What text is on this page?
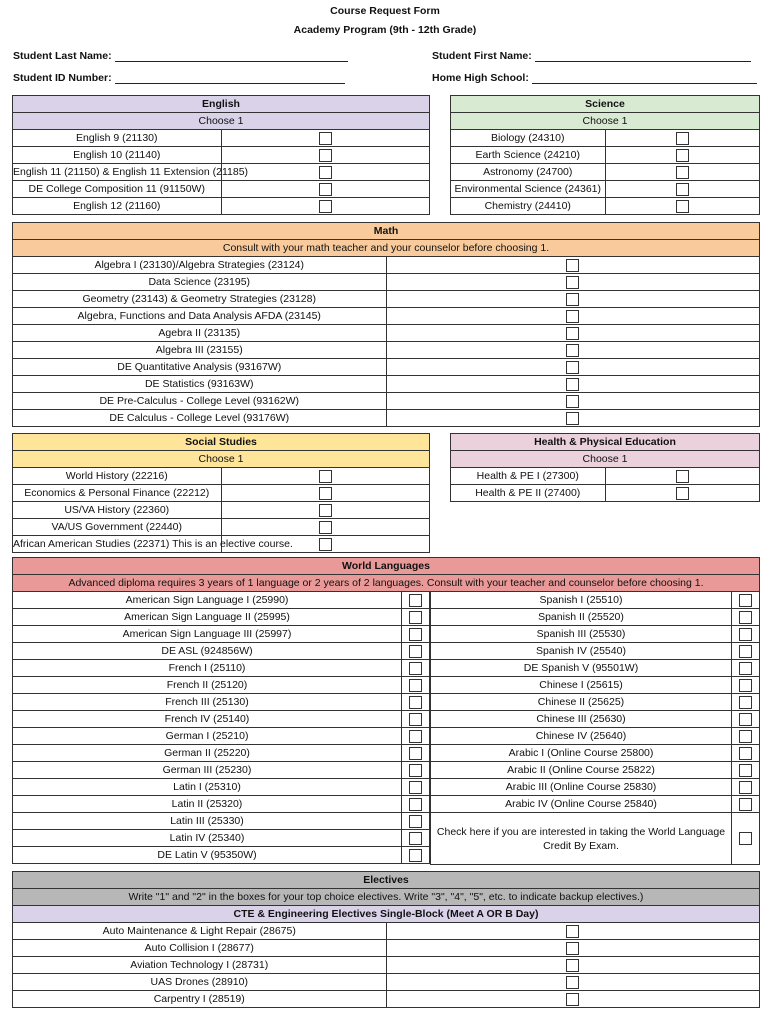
Course Request Form
Academy Program (9th - 12th Grade)
Student Last Name:	Student First Name:
Student ID Number:	Home High School:
English	
Choose 1	
English 9 (21130)	
English 10 (21140)	
English 11 (21150) & English 11 Extension (21185)	
DE College Composition 11 (91150W)	
English 12 (21160)	
Science	
Choose 1	
Biology (24310)	
Earth Science (24210)	
Astronomy (24700)	
Environmental Science (24361)	
Chemistry (24410)	
Math	
Consult with your math teacher and your counselor before choosing 1.	
Algebra I (23130)/Algebra Strategies (23124)	
Data Science (23195)	
Geometry (23143) & Geometry Strategies (23128)	
Algebra, Functions and Data Analysis AFDA (23145)	
Agebra II (23135)	
Algebra III (23155)	
DE Quantitative Analysis (93167W)	
DE Statistics (93163W)	
DE Pre-Calculus - College Level (93162W)	
DE Calculus - College Level (93176W)	
Social Studies	
Choose 1	
World History (22216)	
Economics & Personal Finance (22212)	
US/VA History (22360)	
VA/US Government (22440)	
African American Studies (22371) This is an elective course.	
Health & Physical Education	
Choose 1	
Health & PE I (27300)	
Health & PE II (27400)	
World Languages
Advanced diploma requires 3 years of 1 language or 2 years of 2 languages. Consult with your teacher and counselor before choosing 1.
American Sign Language I (25990)	
American Sign Language II (25995)	
American Sign Language III (25997)	
DE ASL (924856W)	
French I (25110)	
French II (25120)	
French III (25130)	
French IV (25140)	
German I (25210)	
German II (25220)	
German III (25230)	
Latin I (25310)	
Latin II (25320)	
Latin III (25330)	
Latin IV (25340)	
DE Latin V (95350W)	
Spanish I (25510)	
Spanish II (25520)	
Spanish III (25530)	
Spanish IV (25540)	
DE Spanish V (95501W)	
Chinese I (25615)	
Chinese II (25625)	
Chinese III (25630)	
Chinese IV (25640)	
Arabic I (Online Course 25800)	
Arabic II (Online Course 25822)	
Arabic III (Online Course 25830)	
Arabic IV (Online Course 25840)	
Check here if you are interested in taking the World Language Credit By Exam.	
Electives	
Write "1" and "2" in the boxes for your top choice electives. Write "3", "4", "5", etc. to indicate backup electives.)	
CTE & Engineering Electives Single-Block (Meet A OR B Day)	
Auto Maintenance & Light Repair (28675)	
Auto Collision I (28677)	
Aviation Technology I (28731)	
UAS Drones (28910)	
Carpentry I (28519)	
